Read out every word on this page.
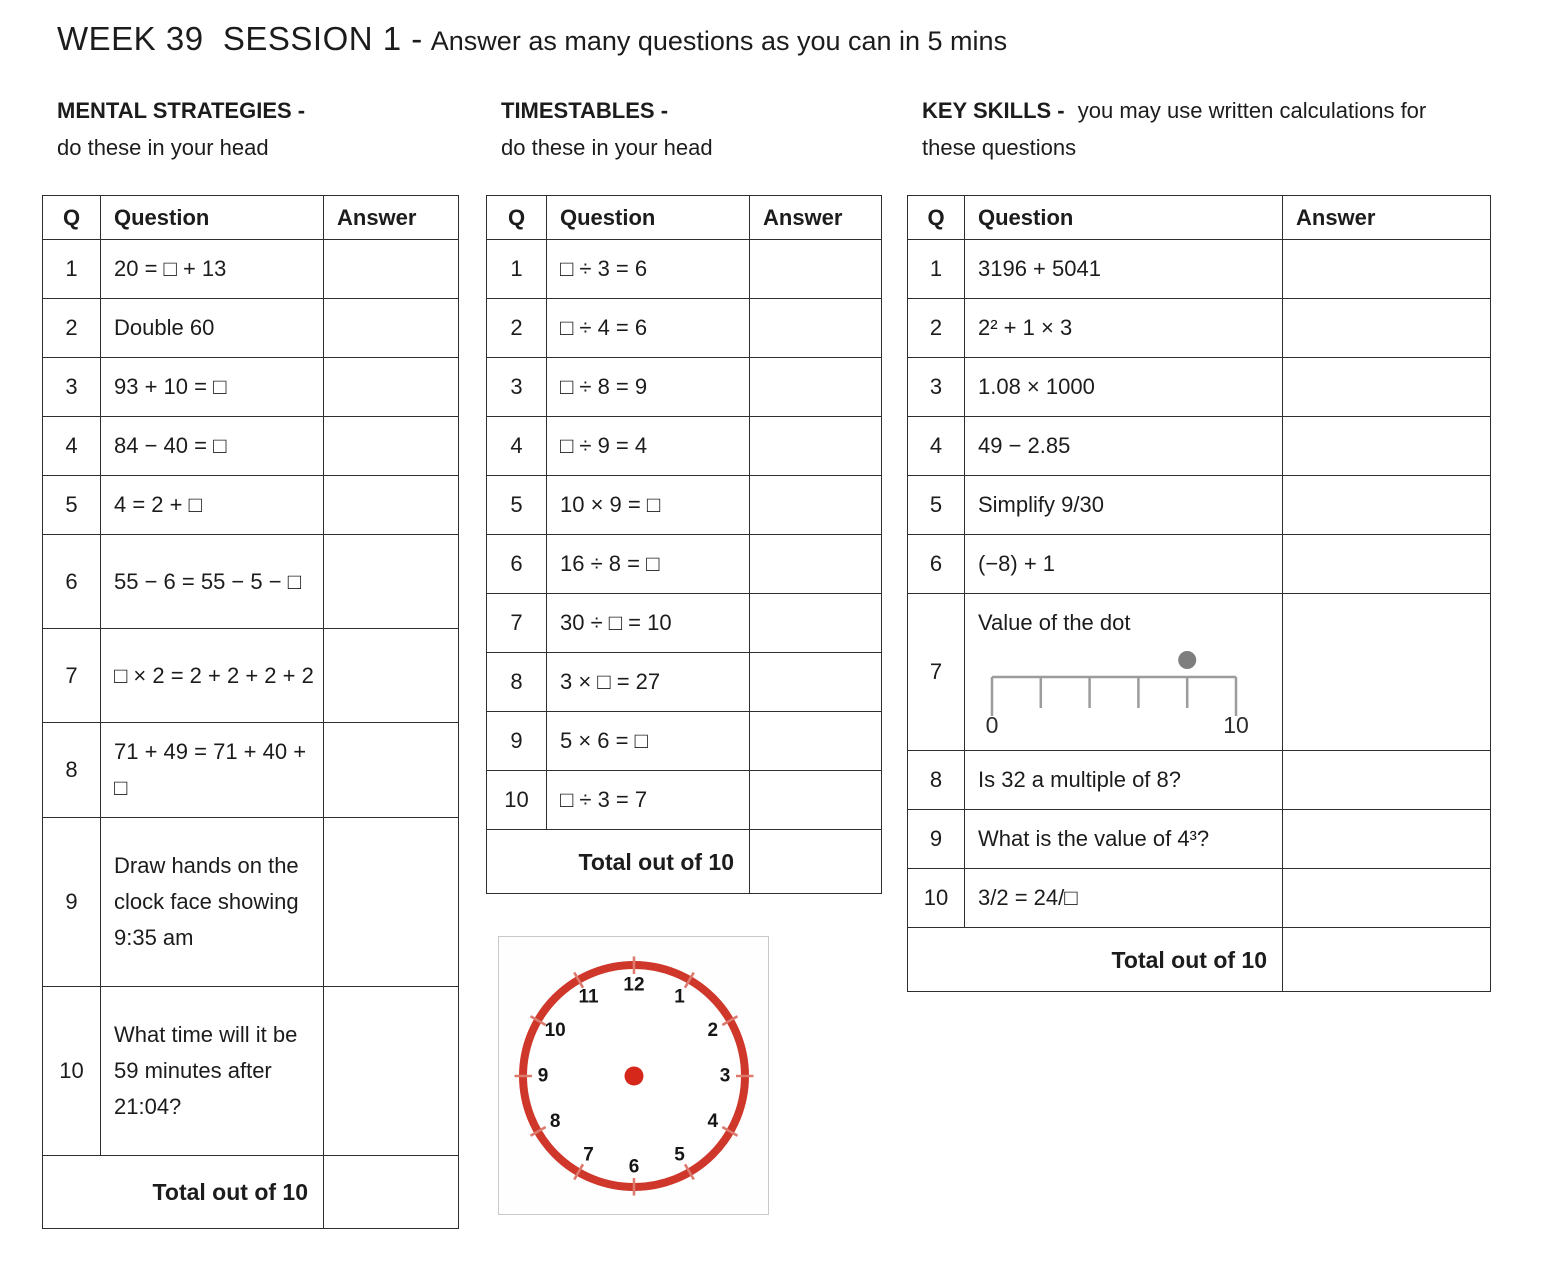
WEEK 39  SESSION 1 - Answer as many questions as you can in 5 mins
MENTAL STRATEGIES -
do these in your head
Q	Question	Answer
1	20 = □ + 13	
2	Double 60	
3	93 + 10 = □	
4	84 − 40 = □	
5	4 = 2 + □	
6	55 − 6 = 55 − 5 − □	
7	□ × 2 = 2 + 2 + 2 + 2	
8	71 + 49 = 71 + 40 + □	
9	Draw hands on the clock face showing 9:35 am	
10	What time will it be 59 minutes after 21:04?	
Total out of 10		
TIMESTABLES -
do these in your head
Q	Question	Answer
1	□ ÷ 3 = 6	
2	□ ÷ 4 = 6	
3	□ ÷ 8 = 9	
4	□ ÷ 9 = 4	
5	10 × 9 = □	
6	16 ÷ 8 = □	
7	30 ÷ □ = 10	
8	3 × □ = 27	
9	5 × 6 = □	
10	□ ÷ 3 = 7	
Total out of 10		
12
1
2
3
4
5
6
7
8
9
10
11
KEY SKILLS - you may use written calculations for these questions
Q	Question	Answer
1	3196 + 5041	
2	2² + 1 × 3	
3	1.08 × 1000	
4	49 − 2.85	
5	Simplify 9/30	
6	(−8) + 1	
7	Value of the dot
0 10	

8	Is 32 a multiple of 8?	
9	What is the value of 4³?	
10	3/2 = 24/□	
Total out of 10		
